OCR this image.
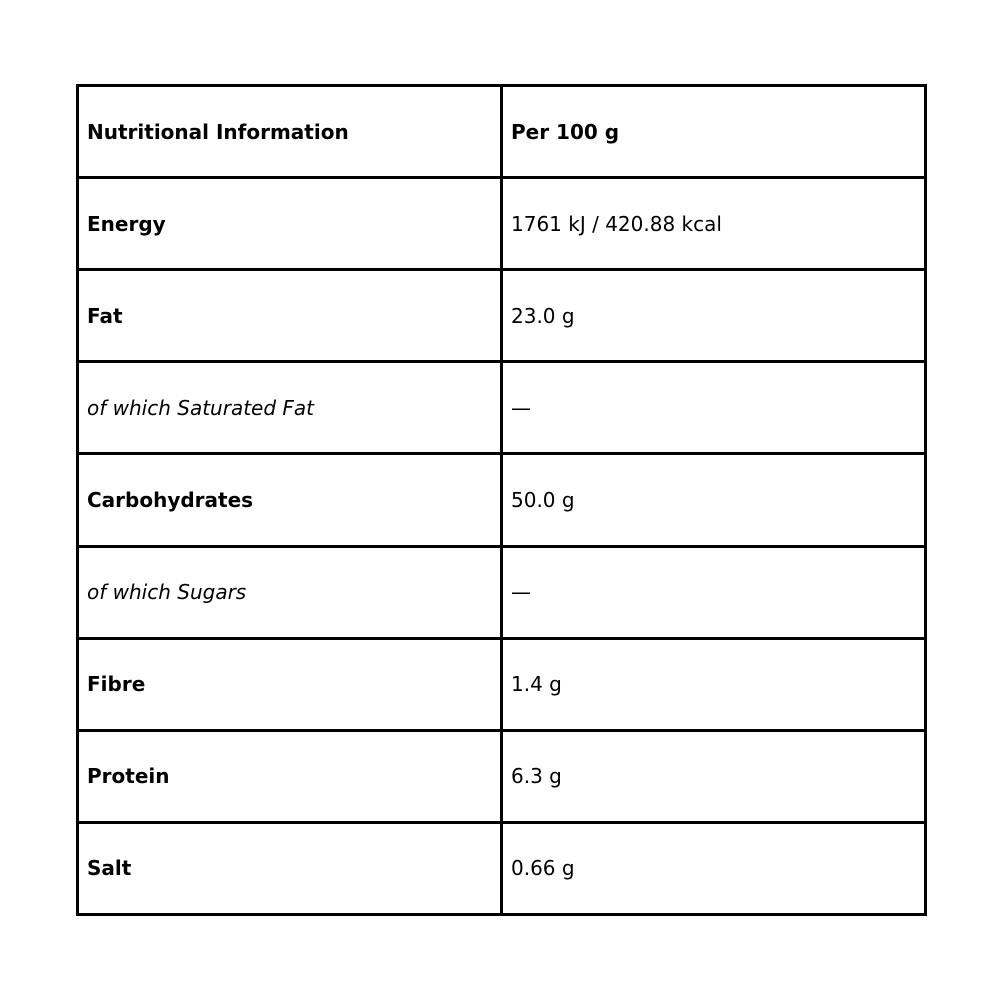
Nutritional Information	Per 100 g
Energy	1761 kJ / 420.88 kcal
Fat	23.0 g
of which Saturated Fat	—
Carbohydrates	50.0 g
of which Sugars	—
Fibre	1.4 g
Protein	6.3 g
Salt	0.66 g
